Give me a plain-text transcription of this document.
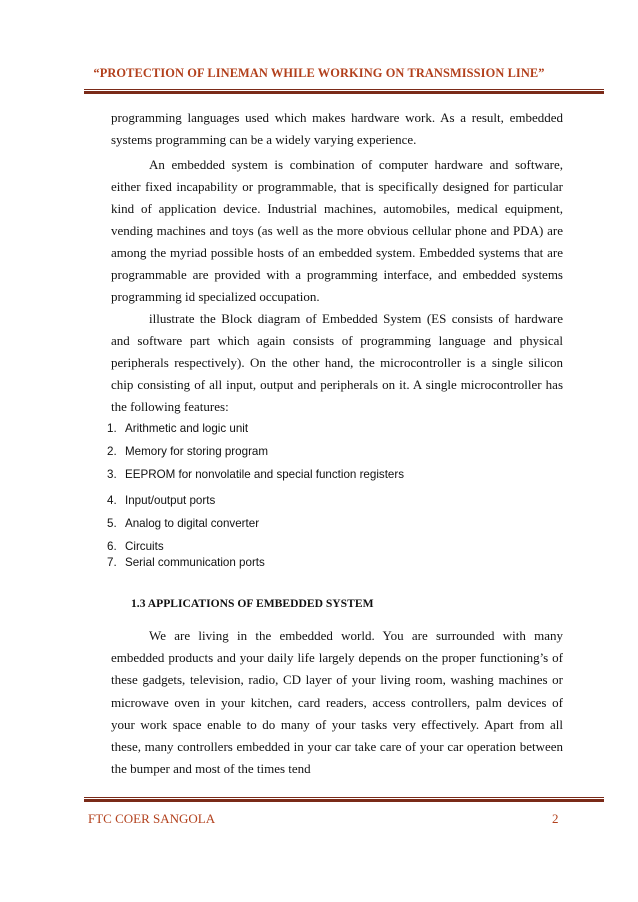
“PROTECTION OF LINEMAN WHILE WORKING ON TRANSMISSION LINE”

programming languages used which makes hardware work. As a result, embedded systems programming can be a widely varying experience.

An embedded system is combination of computer hardware and software, either fixed incapability or programmable, that is specifically designed for particular kind of application device. Industrial machines, automobiles, medical equipment, vending machines and toys (as well as the more obvious cellular phone and PDA) are among the myriad possible hosts of an embedded system. Embedded systems that are programmable are provided with a programming interface, and embedded systems programming id specialized occupation.

illustrate the Block diagram of Embedded System (ES consists of hardware and software part which again consists of programming language and physical peripherals respectively). On the other hand, the microcontroller is a single silicon chip consisting of all input, output and peripherals on it. A single microcontroller has the following features:

1. Arithmetic and logic unit
2. Memory for storing program
3. EEPROM for nonvolatile and special function registers
4. Input/output ports
5. Analog to digital converter
6. Circuits
7. Serial communication ports
1.3 APPLICATIONS OF EMBEDDED SYSTEM

We are living in the embedded world. You are surrounded with many embedded products and your daily life largely depends on the proper functioning’s of these gadgets, television, radio, CD layer of your living room, washing machines or microwave oven in your kitchen, card readers, access controllers, palm devices of your work space enable to do many of your tasks very effectively. Apart from all these, many controllers embedded in your car take care of your car operation between the bumper and most of the times tend

FTC COER SANGOLA	2
